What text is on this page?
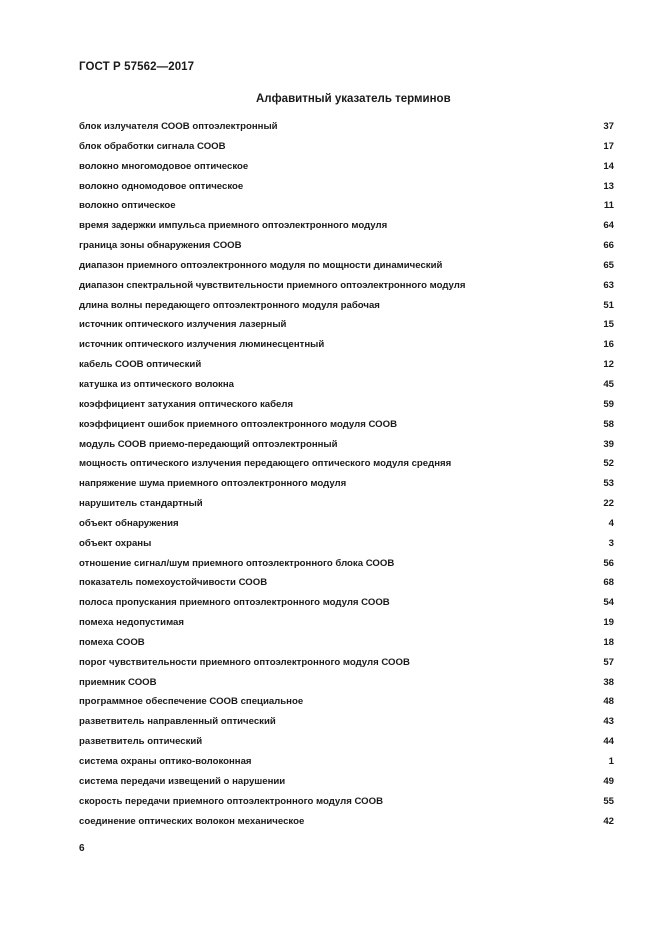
ГОСТ Р 57562—2017
Алфавитный указатель терминов
блок излучателя СООВ оптоэлектронный	37
блок обработки сигнала СООВ	17
волокно многомодовое оптическое	14
волокно одномодовое оптическое	13
волокно оптическое	11
время задержки импульса приемного оптоэлектронного модуля	64
граница зоны обнаружения СООВ	66
диапазон приемного оптоэлектронного модуля по мощности динамический	65
диапазон спектральной чувствительности приемного оптоэлектронного модуля	63
длина волны передающего оптоэлектронного модуля рабочая	51
источник оптического излучения лазерный	15
источник оптического излучения люминесцентный	16
кабель СООВ оптический	12
катушка из оптического волокна	45
коэффициент затухания оптического кабеля	59
коэффициент ошибок приемного оптоэлектронного модуля СООВ	58
модуль СООВ приемо-передающий оптоэлектронный	39
мощность оптического излучения передающего оптического модуля средняя	52
напряжение шума приемного оптоэлектронного модуля	53
нарушитель стандартный	22
объект обнаружения	4
объект охраны	3
отношение сигнал/шум приемного оптоэлектронного блока СООВ	56
показатель помехоустойчивости СООВ	68
полоса пропускания приемного оптоэлектронного модуля СООВ	54
помеха недопустимая	19
помеха СООВ	18
порог чувствительности приемного оптоэлектронного модуля СООВ	57
приемник СООВ	38
программное обеспечение СООВ специальное	48
разветвитель направленный оптический	43
разветвитель оптический	44
система охраны оптико-волоконная	1
система передачи извещений о нарушении	49
скорость передачи приемного оптоэлектронного модуля СООВ	55
соединение оптических волокон механическое	42
6
